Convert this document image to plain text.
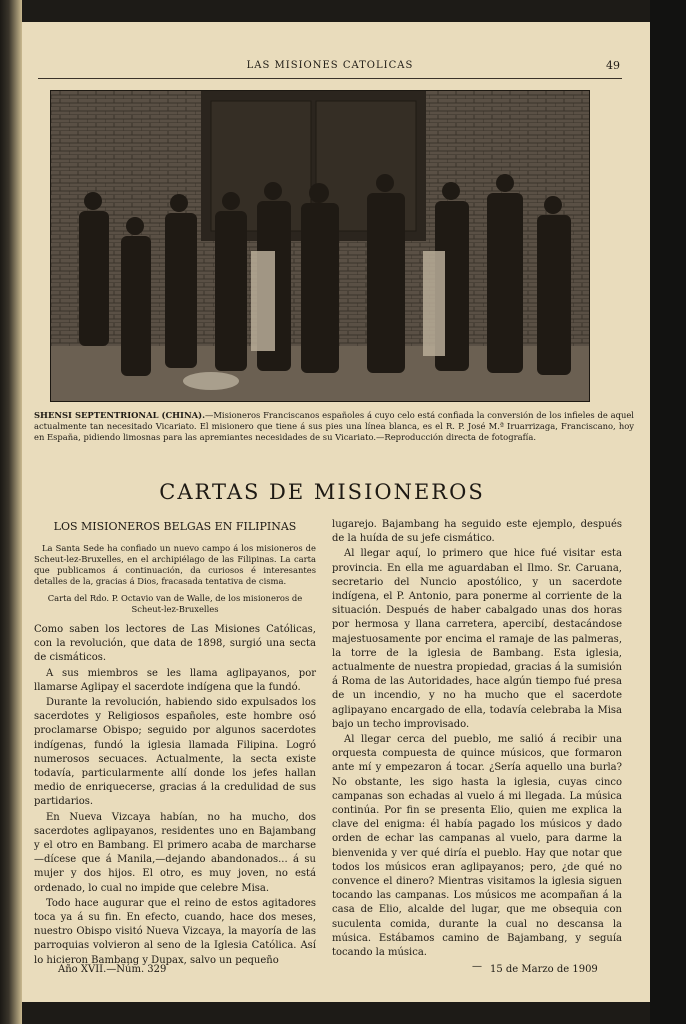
LAS MISIONES CATOLICAS	49
SHENSI SEPTENTRIONAL (CHINA).—Misioneros Franciscanos españoles á cuyo celo está confiada la conversión de los infieles de aquel actualmente tan necesitado Vicariato. El misionero que tiene á sus pies una línea blanca, es el R. P. José M.ª Iruarrizaga, Franciscano, hoy en España, pidiendo limosnas para las apremiantes necesidades de su Vicariato.—Reproducción directa de fotografía.
CARTAS DE MISIONEROS
LOS MISIONEROS BELGAS EN FILIPINAS
La Santa Sede ha confiado un nuevo campo á los misioneros de Scheut-lez-Bruxelles, en el archipiélago de las Filipinas. La carta que publicamos á continuación, da curiosos é interesantes detalles de la, gracias á Dios, fracasada tentativa de cisma.
Carta del Rdo. P. Octavio van de Walle, de los misioneros de Scheut-lez-Bruxelles

Como saben los lectores de Las Misiones Católicas, con la revolución, que data de 1898, surgió una secta de cismáticos.

A sus miembros se les llama aglipayanos, por llamarse Aglipay el sacerdote indígena que la fundó.

Durante la revolución, habiendo sido expulsados los sacerdotes y Religiosos españoles, este hombre osó proclamarse Obispo; seguido por algunos sacerdotes indígenas, fundó la iglesia llamada Filipina. Logró numerosos secuaces. Actualmente, la secta existe todavía, particularmente allí donde los jefes hallan medio de enriquecerse, gracias á la credulidad de sus partidarios.

En Nueva Vizcaya habían, no ha mucho, dos sacerdotes aglipayanos, residentes uno en Bajambang y el otro en Bambang. El primero acaba de marcharse—dícese que á Manila,—dejando abandonados... á su mujer y dos hijos. El otro, es muy joven, no está ordenado, lo cual no impide que celebre Misa.

Todo hace augurar que el reino de estos agitadores toca ya á su fin. En efecto, cuando, hace dos meses, nuestro Obispo visitó Nueva Vizcaya, la mayoría de las parroquias volvieron al seno de la Iglesia Católica. Así lo hicieron Bambang y Dupax, salvo un pequeño

lugarejo. Bajambang ha seguido este ejemplo, después de la huída de su jefe cismático.

Al llegar aquí, lo primero que hice fué visitar esta provincia. En ella me aguardaban el Ilmo. Sr. Caruana, secretario del Nuncio apostólico, y un sacerdote indígena, el P. Antonio, para ponerme al corriente de la situación. Después de haber cabalgado unas dos horas por hermosa y llana carretera, apercibí, destacándose majestuosamente por encima el ramaje de las palmeras, la torre de la iglesia de Bambang. Esta iglesia, actualmente de nuestra propiedad, gracias á la sumisión á Roma de las Autoridades, hace algún tiempo fué presa de un incendio, y no ha mucho que el sacerdote aglipayano encargado de ella, todavía celebraba la Misa bajo un techo improvisado.

Al llegar cerca del pueblo, me salió á recibir una orquesta compuesta de quince músicos, que formaron ante mí y empezaron á tocar. ¿Sería aquello una burla? No obstante, les sigo hasta la iglesia, cuyas cinco campanas son echadas al vuelo á mi llegada. La música continúa. Por fin se presenta Elio, quien me explica la clave del enigma: él había pagado los músicos y dado orden de echar las campanas al vuelo, para darme la bienvenida y ver qué diría el pueblo. Hay que notar que todos los músicos eran aglipayanos; pero, ¿de qué no convence el dinero? Mientras visitamos la iglesia siguen tocando las campanas. Los músicos me acompañan á la casa de Elio, alcalde del lugar, que me obsequia con suculenta comida, durante la cual no descansa la música. Estábamos camino de Bajambang, y seguía tocando la música.

—
Año XVII.—Núm. 329	15 de Marzo de 1909
